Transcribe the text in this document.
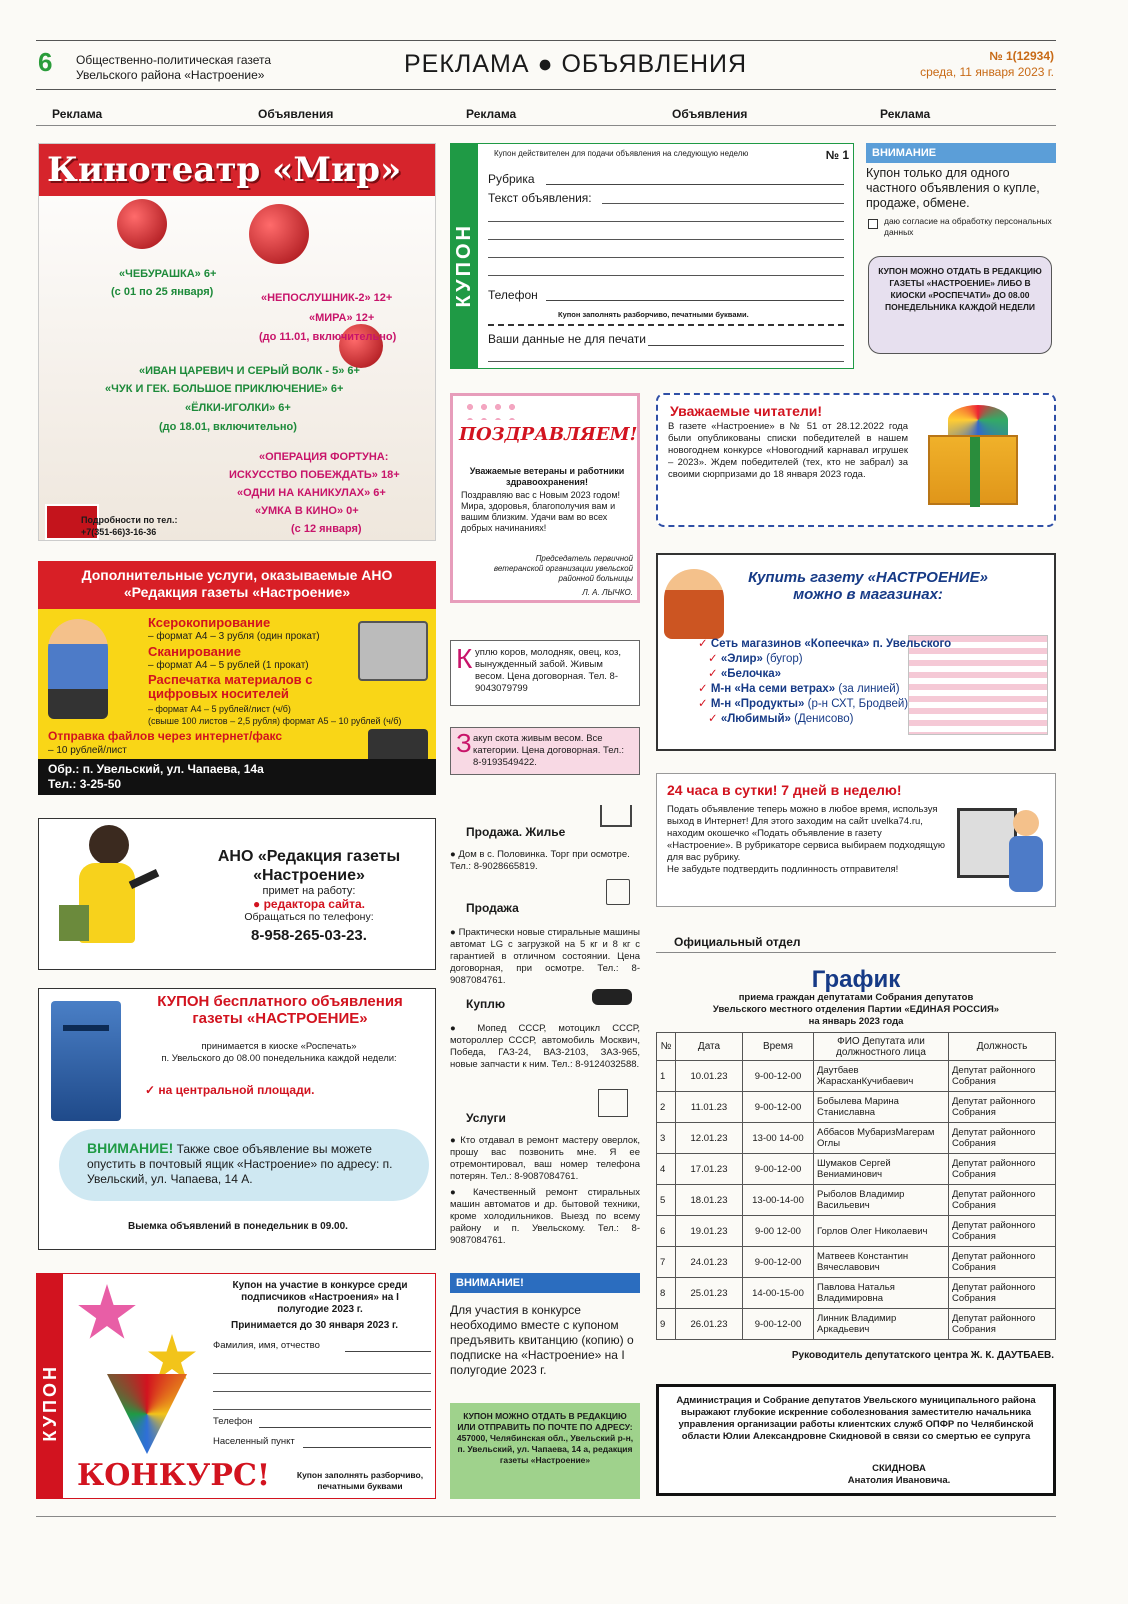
6 Общественно-политическая газета
Увельского района «Настроение»	РЕКЛАМА ● ОБЪЯВЛЕНИЯ	№ 1(12934)
среда, 11 января 2023 г.
Реклама	Объявления	Реклама	Объявления	Реклама
Кинотеатр «Мир»
«ЧЕБУРАШКА» 6+
(с 01 по 25 января)	«НЕПОСЛУШНИК-2» 12+
«МИРА» 12+
(до 11.01, включительно)
«ИВАН ЦАРЕВИЧ И СЕРЫЙ ВОЛК - 5» 6+
«ЧУК И ГЕК. БОЛЬШОЕ ПРИКЛЮЧЕНИЕ» 6+
«ЁЛКИ-ИГОЛКИ» 6+
(до 18.01, включительно)
«ОПЕРАЦИЯ ФОРТУНА:
ИСКУССТВО ПОБЕЖДАТЬ» 18+
«ОДНИ НА КАНИКУЛАХ» 6+
«УМКА В КИНО» 0+
(с 12 января)
Подробности по тел.:
+7(351-66)3-16-36
КУПОН
Купон действителен для подачи объявления на следующую неделю	№ 1
Рубрика
Текст объявления:
Телефон
Купон заполнять разборчиво, печатными буквами.
Ваши данные не для печати
ВНИМАНИЕ
Купон только для одного частного объявления о купле, продаже, обмене.
даю согласие на обработку персональных данных
КУПОН МОЖНО ОТДАТЬ В РЕДАКЦИЮ ГАЗЕТЫ «НАСТРОЕНИЕ» ЛИБО В КИОСКИ «РОСПЕЧАТИ» ДО 08.00 ПОНЕДЕЛЬНИКА КАЖДОЙ НЕДЕЛИ
ПОЗДРАВЛЯЕМ!
Уважаемые ветераны и работники здравоохранения!
Поздравляю вас с Новым 2023 годом! Мира, здоровья, благополучия вам и вашим близким. Удачи вам во всех добрых начинаниях!
Председатель первичной ветеранской организации увельской районной больницы
Л. А. ЛЫЧКО.
Уважаемые читатели!
В газете «Настроение» в № 51 от 28.12.2022 года были опубликованы списки победителей в нашем новогоднем конкурсе «Новогодний карнавал игрушек – 2023». Ждем победителей (тех, кто не забрал) за своими сюрпризами до 18 января 2023 года.
Дополнительные услуги, оказываемые АНО «Редакция газеты «Настроение»
Ксерокопирование
– формат А4 – 3 рубля (один прокат)
Сканирование
– формат А4 – 5 рублей (1 прокат)
Распечатка материалов с цифровых носителей
– формат А4 – 5 рублей/лист (ч/б)
(свыше 100 листов – 2,5 рубля) формат А5 – 10 рублей (ч/б)
Отправка файлов через интернет/факс
– 10 рублей/лист
Обр.: п. Увельский, ул. Чапаева, 14а
Тел.: 3-25-50
К уплю коров, молодняк, овец, коз, вынужденный забой. Живым весом. Цена договорная. Тел. 8-9043079799
З акуп скота живым весом. Все категории. Цена договорная. Тел.: 8-9193549422.
Купить газету «НАСТРОЕНИЕ» можно в магазинах:
✓ Сеть магазинов «Копеечка» п. Увельского
✓ «Элир» (бугор)
✓ «Белочка»
✓ М-н «На семи ветрах» (за линией)
✓ М-н «Продукты» (р-н СХТ, Бродвей)
✓ «Любимый» (Денисово)
24 часа в сутки! 7 дней в неделю!
Подать объявление теперь можно в любое время, используя выход в Интернет! Для этого заходим на сайт uvelka74.ru, находим окошечко «Подать объявление в газету «Настроение». В рубрикаторе сервиса выбираем подходящую для вас рубрику.
Не забудьте подтвердить подлинность отправителя!
АНО «Редакция газеты «Настроение»
примет на работу:
● редактора сайта.
Обращаться по телефону:
8-958-265-03-23.
Продажа. Жилье
● Дом в с. Половинка. Торг при осмотре. Тел.: 8-9028665819.
Продажа
● Практически новые стиральные машины автомат LG с загрузкой на 5 кг и 8 кг с гарантией в отличном состоянии. Цена договорная, при осмотре. Тел.: 8-9087084761.
Куплю
● Мопед СССР, мотоцикл СССР, мотороллер СССР, автомобиль Москвич, Победа, ГАЗ-24, ВАЗ-2103, ЗАЗ-965, новые запчасти к ним. Тел.: 8-9124032588.
Услуги
● Кто отдавал в ремонт мастеру оверлок, прошу вас позвонить мне. Я ее отремонтировал, ваш номер телефона потерян. Тел.: 8-9087084761.
● Качественный ремонт стиральных машин автоматов и др. бытовой техники, кроме холодильников. Выезд по всему району и п. Увельскому. Тел.: 8-9087084761.
Официальный отдел
График
приема граждан депутатами Собрания депутатов Увельского местного отделения Партии «ЕДИНАЯ РОССИЯ» на январь 2023 года
№	Дата	Время	ФИО Депутата или должностного лица	Должность
1	10.01.23	9-00-12-00	Даутбаев ЖарасханКучибаевич	Депутат районного Собрания
2	11.01.23	9-00-12-00	Бобылева Марина Станиславна	Депутат районного Собрания
3	12.01.23	13-00 14-00	Аббасов МубаризМагерам Оглы	Депутат районного Собрания
4	17.01.23	9-00-12-00	Шумаков Сергей Вениаминович	Депутат районного Собрания
5	18.01.23	13-00-14-00	Рыболов Владимир Васильевич	Депутат районного Собрания
6	19.01.23	9-00 12-00	Горлов Олег Николаевич	Депутат районного Собрания
7	24.01.23	9-00-12-00	Матвеев Константин Вячеславович	Депутат районного Собрания
8	25.01.23	14-00-15-00	Павлова Наталья Владимировна	Депутат районного Собрания
9	26.01.23	9-00-12-00	Линник Владимир Аркадьевич	Депутат районного Собрания
Руководитель депутатского центра Ж. К. ДАУТБАЕВ.
КУПОН бесплатного объявления газеты «НАСТРОЕНИЕ»
принимается в киоске «Роспечать»
п. Увельского до 08.00 понедельника каждой недели:
✓ на центральной площади.
ВНИМАНИЕ! Также свое объявление вы можете опустить в почтовый ящик «Настроение» по адресу: п. Увельский, ул. Чапаева, 14 А.
Выемка объявлений в понедельник в 09.00.
КУПОН
Купон на участие в конкурсе среди подписчиков «Настроения» на I полугодие 2023 г.
Принимается до 30 января 2023 г.
Фамилия, имя, отчество
Телефон
Населенный пункт
КОНКУРС!	Купон заполнять разборчиво, печатными буквами
ВНИМАНИЕ!
Для участия в конкурсе необходимо вместе с купоном предъявить квитанцию (копию) о подписке на «Настроение» на I полугодие 2023 г.
КУПОН МОЖНО ОТДАТЬ В РЕДАКЦИЮ ИЛИ ОТПРАВИТЬ ПО ПОЧТЕ ПО АДРЕСУ: 457000, Челябинская обл., Увельский р-н, п. Увельский, ул. Чапаева, 14 а, редакция газеты «Настроение»
Администрация и Собрание депутатов Увельского муниципального района выражают глубокие искренние соболезнования заместителю начальника управления организации работы клиентских служб ОПФР по Челябинской области Юлии Александровне Скидновой в связи со смертью ее супруга
СКИДНОВА
Анатолия Ивановича.
